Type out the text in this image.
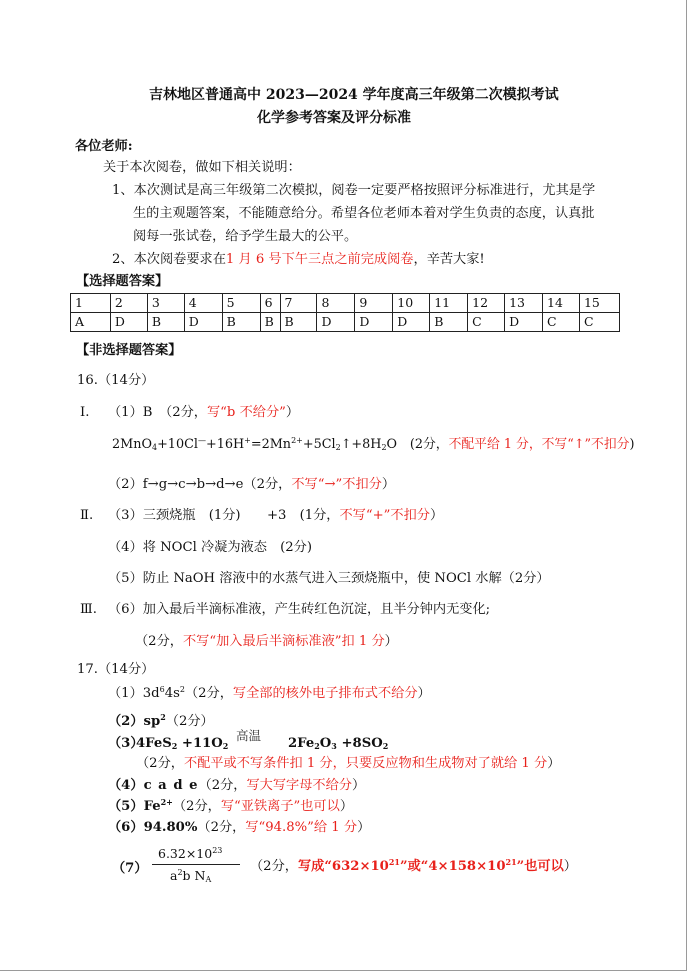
吉林地区普通高中 2023—2024 学年度高三年级第二次模拟考试
化学参考答案及评分标准
各位老师:
关于本次阅卷，做如下相关说明：
1、本次测试是高三年级第二次模拟，阅卷一定要严格按照评分标准进行，尤其是学
生的主观题答案，不能随意给分。希望各位老师本着对学生负责的态度，认真批
阅每一张试卷，给予学生最大的公平。
2、本次阅卷要求在1 月 6 号下午三点之前完成阅卷，辛苦大家!
【选择题答案】
1	2	3	4	5	6	7	8	9	10	11	12	13	14	15
A	D	B	D	B	B	B	D	D	D	B	C	D	C	C
【非选择题答案】
16.（14分）
Ⅰ. （1）B　（2分，写“b 不给分”）
$2MnO_4+10Cl^—+16H^+=2Mn^{2+}+5Cl_2↑+8H_2O$　(2分，不配平给 1 分，不写“↑”不扣分)
（2）f→g→c→b→d→e（2分，不写“→”不扣分）
Ⅱ. （3）三颈烧瓶　(1分)　　+3　(1分，不写“+”不扣分）
（4）将 NOCl 冷凝为液态　(2分)
（5）防止 NaOH 溶液中的水蒸气进入三颈烧瓶中，使 NOCl 水解（2分）
Ⅲ. （6）加入最后半滴标准液，产生砖红色沉淀，且半分钟内无变化;
（2分，不写“加入最后半滴标准液”扣 1 分）
17.（14分）
$(1)3d^64s^2(2$分，写全部的核外电子排布式不给分）
$(2)sp^2(2$分）
（3）
$4FeS_2 +11O_2$
高温
$2Fe_2O_3 +8SO_2$
（2分，不配平或不写条件扣 1 分，只要反应物和生成物对了就给 1 分）
（4）c a d e（2分，写大写字母不给分）
$(5)Fe^{2+}(2$分，写“亚铁离子”也可以）
（6）94.80%（2分，写“94.8%”给 1 分）
（7）
$6.32\times 10^{23}$
$a^2b$ $N_A$
（2分，写成“$632\times 10^{21}$”或“$4\times 158\times 10^{21}$”也可以）
